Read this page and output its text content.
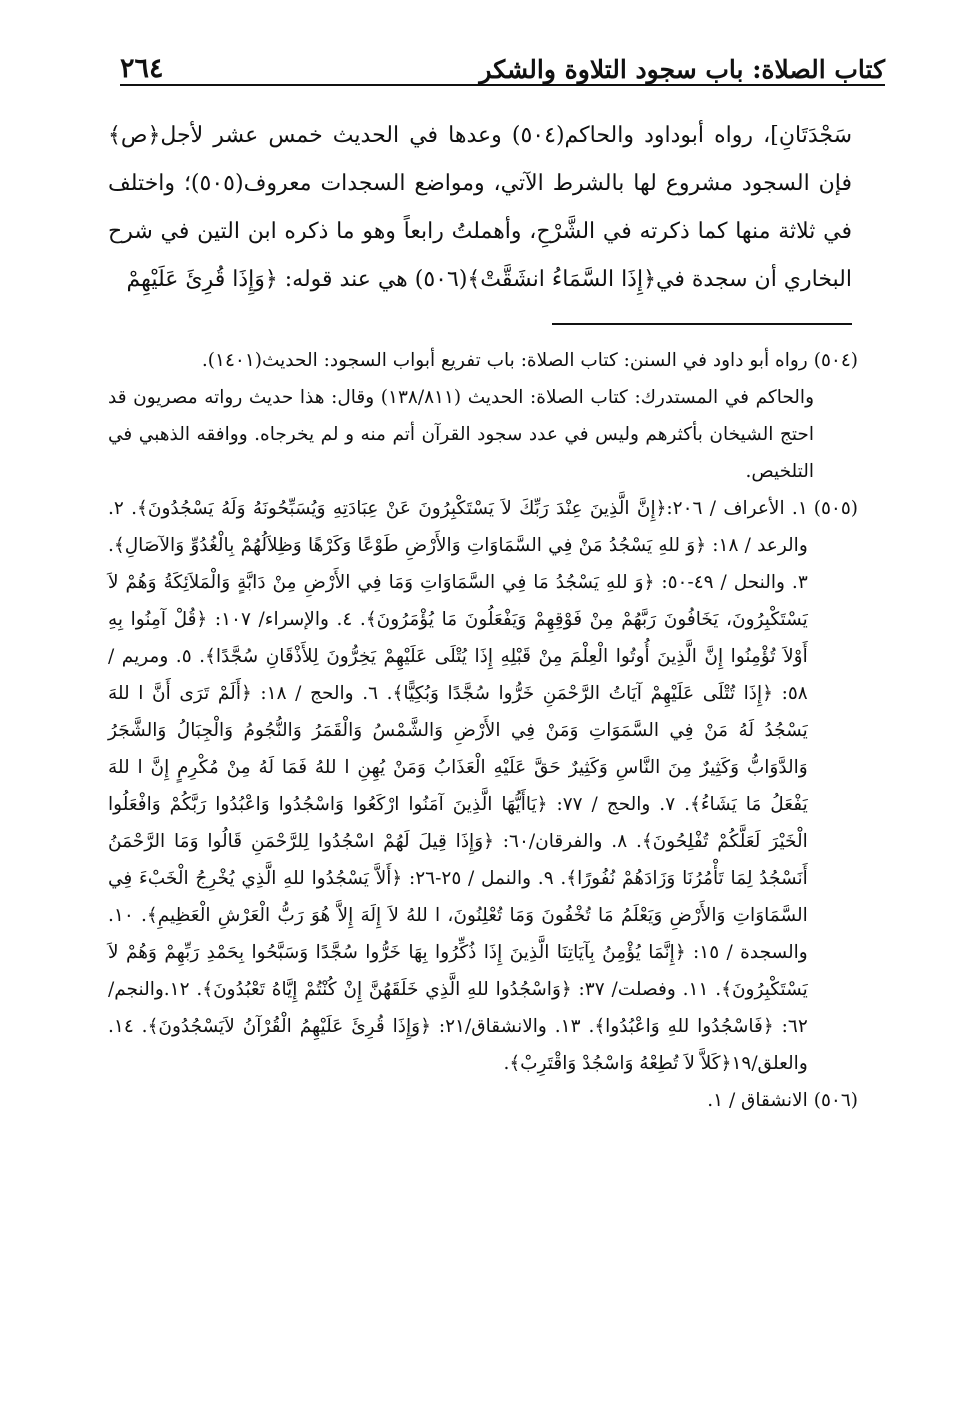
كتاب الصلاة: باب سجود التلاوة والشكر
٢٦٤

سَجْدَتَانِ]، رواه أبوداود والحاكم(٥٠٤) وعدها في الحديث خمس عشر لأجل﴿ص﴾ فإن السجود مشروع لها بالشرط الآتي، ومواضع السجدات معروف(٥٠٥)؛ واختلف في ثلاثة منها كما ذكرته في الشَّرْحِ، وأهملتُ رابعاً وهو ما ذكره ابن التين في شرح البخاري أن سجدة في﴿إِذَا السَّمَاءُ انشَقَّتْ﴾(٥٠٦) هي عند قوله: ﴿وَإِذَا قُرِئَ عَلَيْهِمْ

(٥٠٤)
رواه أبو داود في السنن: كتاب الصلاة: باب تفريع أبواب السجود: الحديث(١٤٠١).

والحاكم في المستدرك: كتاب الصلاة: الحديث (١٣٨/٨١١) وقال: هذا حديث رواته مصريون قد احتج الشيخان بأكثرهم وليس في عدد سجود القرآن أتم منه و لم يخرجاه. ووافقه الذهبي في التلخيص.

(٥٠٥)
١. الأعراف / ٢٠٦:﴿إِنَّ الَّذِينَ عِنْدَ رَبِّكَ لاَ يَسْتَكْبِرُونَ عَنْ عِبَادَتِهِ وَيُسَبِّحُونَهُ وَلَهُ يَسْجُدُونَ﴾. ٢. والرعد / ١٨: ﴿وَ للهِ يَسْجُدُ مَنْ فِي السَّمَاوَاتِ وَالأَرْضِ طَوْعًا وَكَرْهًا وَظِلاَلُهُمْ بِالْغُدُوِّ وَالآصَالِ﴾. ٣. والنحل / ٤٩-٥٠: ﴿وَ للهِ يَسْجُدُ مَا فِي السَّمَاوَاتِ وَمَا فِي الأَرْضِ مِنْ دَابَّةٍ وَالْمَلاَئِكَةُ وَهُمْ لاَ يَسْتَكْبِرُونَ، يَخَافُونَ رَبَّهُمْ مِنْ فَوْقِهِمْ وَيَفْعَلُونَ مَا يُؤْمَرُونَ﴾. ٤. والإسراء/ ١٠٧: ﴿قُلْ آمِنُوا بِهِ أَوْلاَ تُؤْمِنُوا إِنَّ الَّذِينَ أُوتُوا الْعِلْمَ مِنْ قَبْلِهِ إِذَا يُتْلَى عَلَيْهِمْ يَخِرُّونَ لِلأَذْقَانِ سُجَّدًا﴾. ٥. ومريم / ٥٨: ﴿إِذَا تُتْلَى عَلَيْهِمْ آيَاتُ الرَّحْمَنِ خَرُّوا سُجَّدًا وَبُكِيًّا﴾. ٦. والحج / ١٨: ﴿أَلَمْ تَرَى أَنَّ ا للهَ يَسْجُدُ لَهُ مَنْ فِي السَّمَوَاتِ وَمَنْ فِي الأَرْضِ وَالشَّمْسُ وَالْقَمَرُ وَالنُّجُومُ وَالْجِبَالُ وَالشَّجَرُ وَالدَّوَابُّ وَكَثِيرٌ مِنَ النَّاسِ وَكَثِيرٌ حَقَّ عَلَيْهِ الْعَذَابُ وَمَنْ يُهِنِ ا للهُ فَمَا لَهُ مِنْ مُكْرِمٍ إِنَّ ا للهَ يَفْعَلُ مَا يَشَاءُ﴾. ٧. والحج / ٧٧: ﴿يَاأَيُّهَا الَّذِينَ آمَنُوا ارْكَعُوا وَاسْجُدُوا وَاعْبُدُوا رَبَّكُمْ وَافْعَلُوا الْخَيْرَ لَعَلَّكُمْ تُفْلِحُونَ﴾. ٨. والفرقان/٦٠: ﴿وَإِذَا قِيلَ لَهُمْ اسْجُدُوا لِلرَّحْمَنِ قَالُوا وَمَا الرَّحْمَنُ أَنَسْجُدُ لِمَا تَأْمُرُنَا وَزَادَهُمْ نُفُورًا﴾. ٩. والنمل / ٢٥-٢٦: ﴿أَلاَّ يَسْجُدُوا للهِ الَّذِي يُخْرِجُ الْخَبْءَ فِي السَّمَاوَاتِ وَالأَرْضِ وَيَعْلَمُ مَا تُخْفُونَ وَمَا تُعْلِنُونَ، ا للهُ لاَ إِلَهَ إِلاَّ هُوَ رَبُّ الْعَرْشِ الْعَظِيمِ﴾. ١٠. والسجدة / ١٥: ﴿إِنَّمَا يُؤْمِنُ بِآيَاتِنَا الَّذِينَ إِذَا ذُكِّرُوا بِهَا خَرُّوا سُجَّدًا وَسَبَّحُوا بِحَمْدِ رَبِّهِمْ وَهُمْ لاَ يَسْتَكْبِرُونَ﴾. ١١. وفصلت/ ٣٧: ﴿وَاسْجُدُوا للهِ الَّذِي خَلَقَهُنَّ إِنْ كُنْتُمْ إِيَّاهُ تَعْبُدُونَ﴾. ١٢.والنجم/ ٦٢: ﴿فَاسْجُدُوا للهِ وَاعْبُدُوا﴾. ١٣. والانشقاق/٢١: ﴿وَإِذَا قُرِئَ عَلَيْهِمُ الْقُرْآنُ لاَيَسْجُدُونَ﴾. ١٤. والعلق/١٩﴿كَلاَّ لاَ تُطِعْهُ وَاسْجُدْ وَاقْتَرِبْ﴾.
(٥٠٦)
الانشقاق / ١.
